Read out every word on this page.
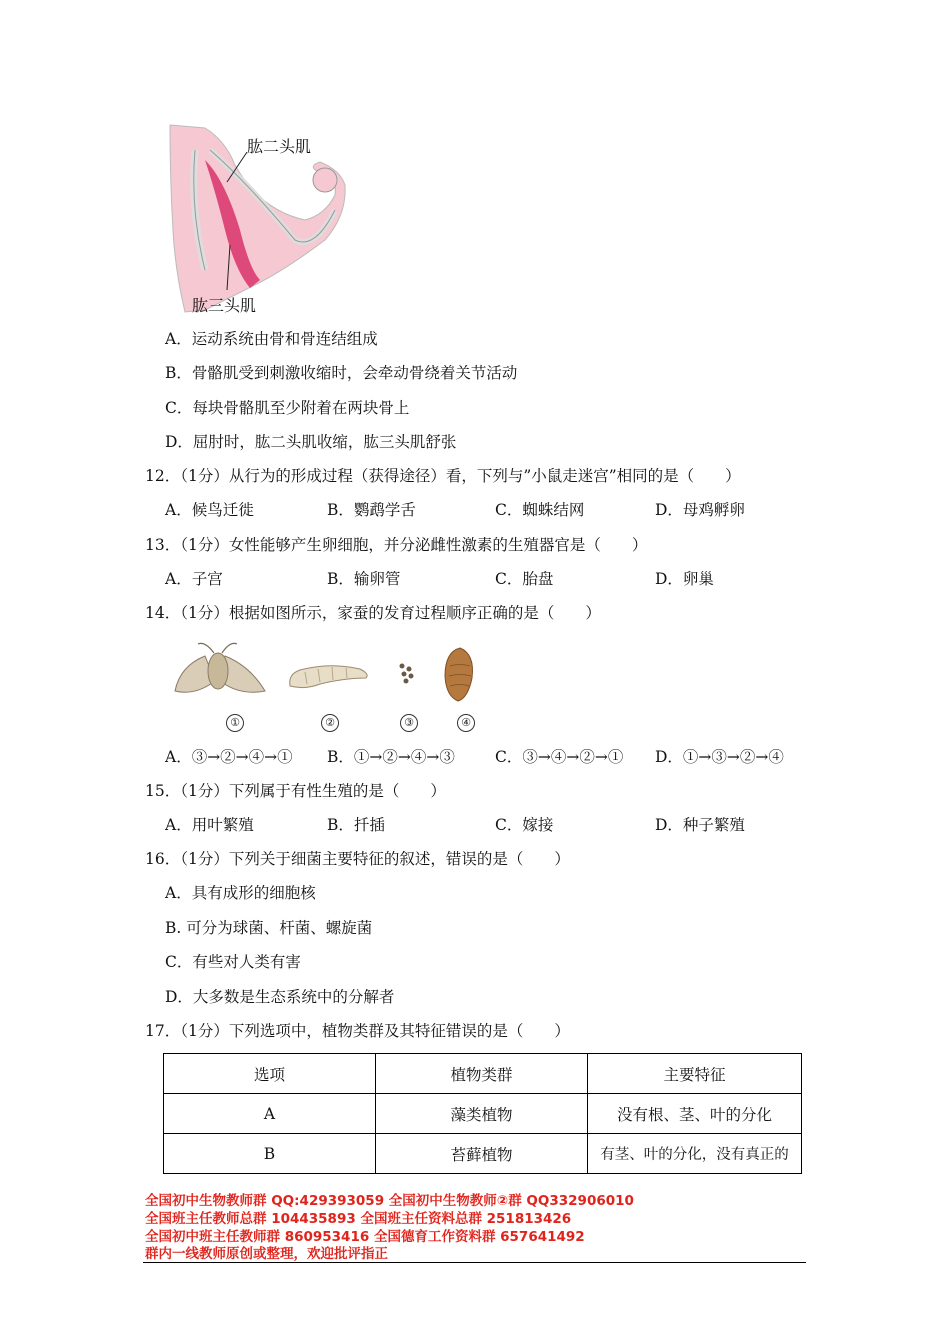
肱二头肌
肱三头肌
A．运动系统由骨和骨连结组成
B．骨骼肌受到刺激收缩时，会牵动骨绕着关节活动
C．每块骨骼肌至少附着在两块骨上
D．屈肘时，肱二头肌收缩，肱三头肌舒张
12．（1分）从行为的形成过程（获得途径）看，下列与”小鼠走迷宫”相同的是（　　）
A．候鸟迁徙	B．鹦鹉学舌	C．蜘蛛结网	D．母鸡孵卵
13．（1分）女性能够产生卵细胞，并分泌雌性激素的生殖器官是（　　）
A．子宫	B．输卵管	C．胎盘	D．卵巢
14．（1分）根据如图所示，家蚕的发育过程顺序正确的是（　　）
①	②	③	④
A．③→②→④→① B．①→②→④→③	C．③→④→②→① D．①→③→②→④
15．（1分）下列属于有性生殖的是（　　）
A．用叶繁殖	B．扦插	C．嫁接	D．种子繁殖
16．（1分）下列关于细菌主要特征的叙述，错误的是（　　）
A．具有成形的细胞核
B. 可分为球菌、杆菌、螺旋菌
C．有些对人类有害
D．大多数是生态系统中的分解者
17．（1分）下列选项中，植物类群及其特征错误的是（　　）
选项	植物类群	主要特征
A	藻类植物	没有根、茎、叶的分化
B	苔藓植物	有茎、叶的分化，没有真正的
全国初中生物教师群 QQ:429393059 全国初中生物教师②群 QQ332906010
全国班主任教师总群 104435893 全国班主任资料总群 251813426
全国初中班主任教师群 860953416 全国德育工作资料群 657641492
群内一线教师原创或整理，欢迎批评指正
